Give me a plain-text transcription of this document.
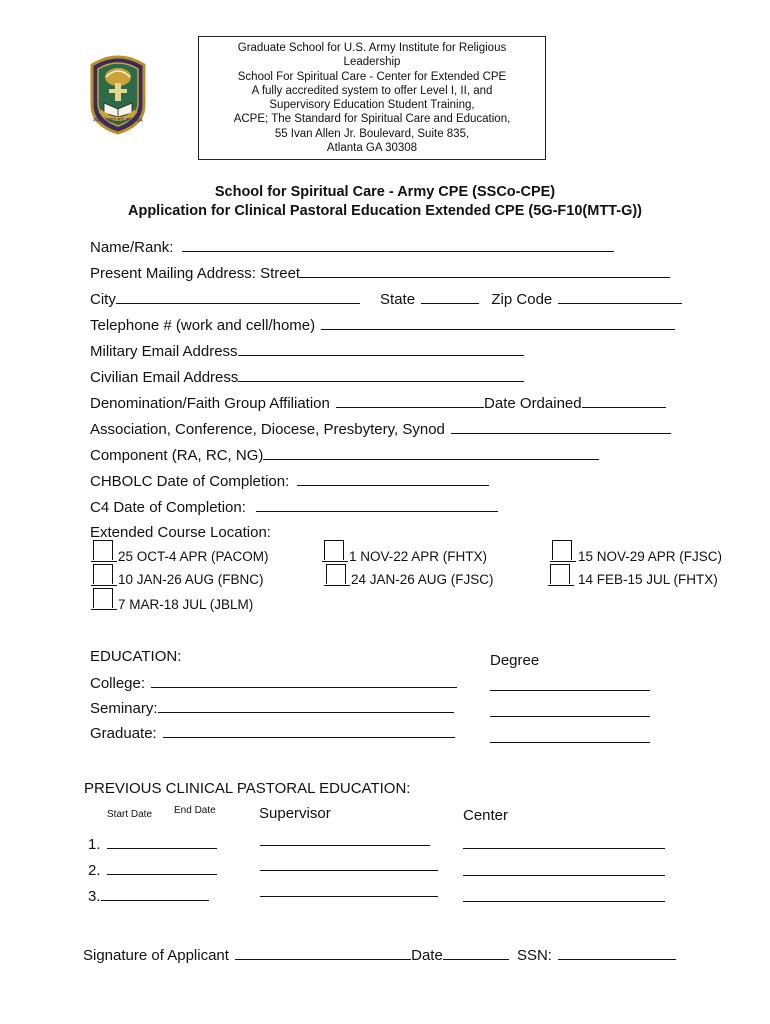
PRO DEO ET PATRIA
Graduate School for U.S. Army Institute for Religious
Leadership
School For Spiritual Care - Center for Extended CPE
A fully accredited system to offer Level I, II, and
Supervisory Education Student Training,
ACPE; The Standard for Spiritual Care and Education,
55 Ivan Allen Jr. Boulevard, Suite 835,
Atlanta GA 30308
School for Spiritual Care - Army CPE (SSCo-CPE)
Application for Clinical Pastoral Education Extended CPE (5G-F10(MTT-G))
Name/Rank:
Present Mailing Address: Street
City	State	Zip Code
Telephone # (work and cell/home)
Military Email Address
Civilian Email Address
Denomination/Faith Group Affiliation	Date Ordained
Association, Conference, Diocese, Presbytery, Synod
Component (RA, RC, NG)
CHBOLC Date of Completion:
C4 Date of Completion:
Extended Course Location:
25 OCT-4 APR (PACOM)	1 NOV-22 APR (FHTX)	15 NOV-29 APR (FJSC)
10 JAN-26 AUG (FBNC)	24 JAN-26 AUG (FJSC)	14 FEB-15 JUL (FHTX)
7 MAR-18 JUL (JBLM)
EDUCATION:	Degree
College:
Seminary:
Graduate:
PREVIOUS CLINICAL PASTORAL EDUCATION:
Start Date End Date	Supervisor	Center
1.
2.
3.
Signature of Applicant	Date	SSN:
